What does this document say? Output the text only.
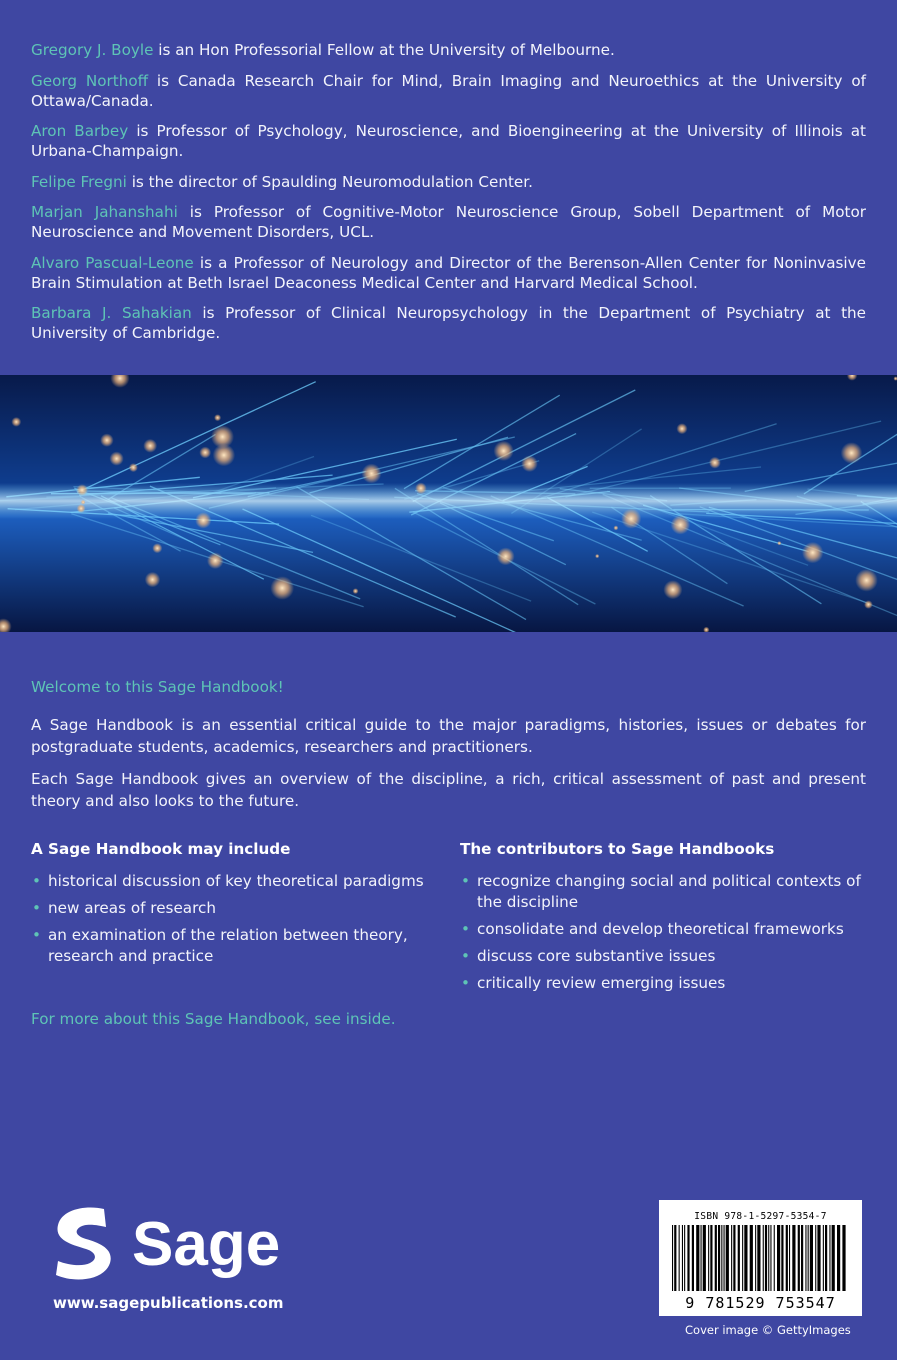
Gregory J. Boyle is an Hon Professorial Fellow at the University of Melbourne.

Georg Northoff is Canada Research Chair for Mind, Brain Imaging and Neuroethics at the University of Ottawa/Canada.

Aron Barbey is Professor of Psychology, Neuroscience, and Bioengineering at the University of Illinois at Urbana-Champaign.

Felipe Fregni is the director of Spaulding Neuromodulation Center.

Marjan Jahanshahi is Professor of Cognitive-Motor Neuroscience Group, Sobell Department of Motor Neuroscience and Movement Disorders, UCL.

Alvaro Pascual-Leone is a Professor of Neurology and Director of the Berenson-Allen Center for Noninvasive Brain Stimulation at Beth Israel Deaconess Medical Center and Harvard Medical School.

Barbara J. Sahakian is Professor of Clinical Neuropsychology in the Department of Psychiatry at the University of Cambridge.

Welcome to this Sage Handbook!

A Sage Handbook is an essential critical guide to the major paradigms, histories, issues or debates for postgraduate students, academics, researchers and practitioners.

Each Sage Handbook gives an overview of the discipline, a rich, critical assessment of past and present theory and also looks to the future.

A Sage Handbook may include
• historical discussion of key theoretical paradigms
• new areas of research
• an examination of the relation between theory, research and practice
The contributors to Sage Handbooks
• recognize changing social and political contexts of the discipline
• consolidate and develop theoretical frameworks
• discuss core substantive issues
• critically review emerging issues
For more about this Sage Handbook, see inside.
Sage
www.sagepublications.com
ISBN 978-1-5297-5354-7
9 781529 753547
Cover image © GettyImages
